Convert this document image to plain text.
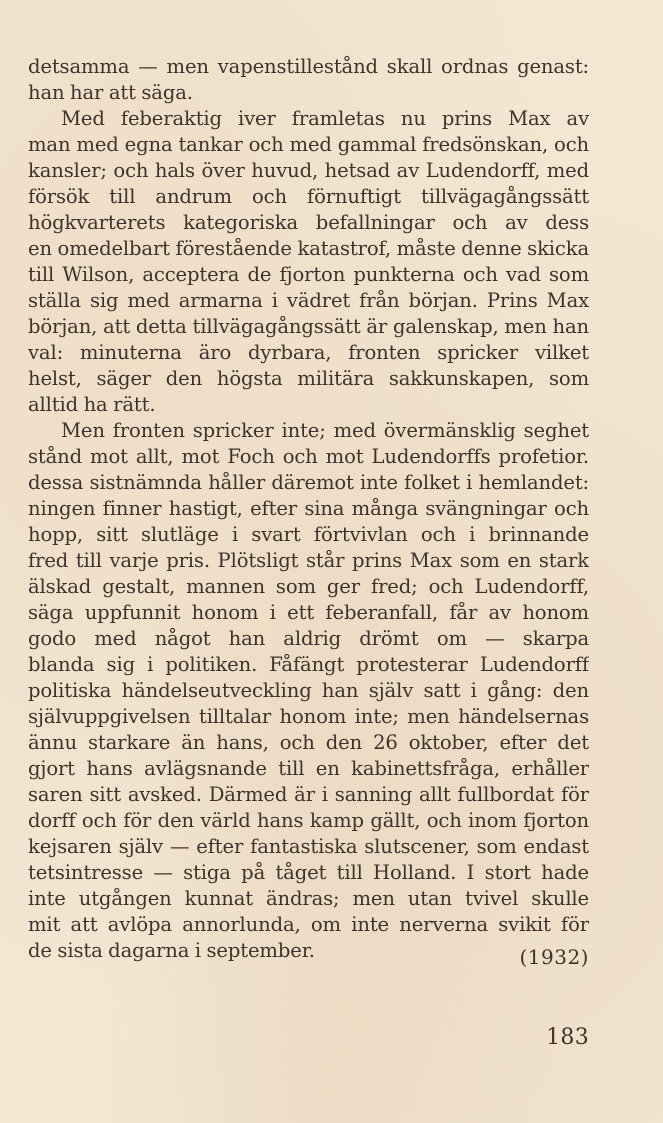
detsamma — men vapenstillestånd skall ordnas genast:
han har att säga.
Med feberaktig iver framletas nu prins Max av
man med egna tankar och med gammal fredsönskan, och
kansler; och hals över huvud, hetsad av Ludendorff, med
försök till andrum och förnuftigt tillvägagångssätt
högkvarterets kategoriska befallningar och av dess
en omedelbart förestående katastrof, måste denne skicka
till Wilson, acceptera de fjorton punkterna och vad som
ställa sig med armarna i vädret från början. Prins Max
början, att detta tillvägagångssätt är galenskap, men han
val: minuterna äro dyrbara, fronten spricker vilket
helst, säger den högsta militära sakkunskapen, som
alltid ha rätt.
Men fronten spricker inte; med övermänsklig seghet
stånd mot allt, mot Foch och mot Ludendorffs profetior.
dessa sistnämnda håller däremot inte folket i hemlandet:
ningen finner hastigt, efter sina många svängningar och
hopp, sitt slutläge i svart förtvivlan och i brinnande
fred till varje pris. Plötsligt står prins Max som en stark
älskad gestalt, mannen som ger fred; och Ludendorff,
säga uppfunnit honom i ett feberanfall, får av honom
godo med något han aldrig drömt om — skarpa
blanda sig i politiken. Fåfängt protesterar Ludendorff
politiska händelseutveckling han själv satt i gång: den
självuppgivelsen tilltalar honom inte; men händelsernas
ännu starkare än hans, och den 26 oktober, efter det
gjort hans avlägsnande till en kabinettsfråga, erhåller
saren sitt avsked. Därmed är i sanning allt fullbordat för
dorff och för den värld hans kamp gällt, och inom fjorton
kejsaren själv — efter fantastiska slutscener, som endast
tetsintresse — stiga på tåget till Holland. I stort hade
inte utgången kunnat ändras; men utan tvivel skulle
mit att avlöpa annorlunda, om inte nerverna svikit för
de sista dagarna i september.	(1932)
183
